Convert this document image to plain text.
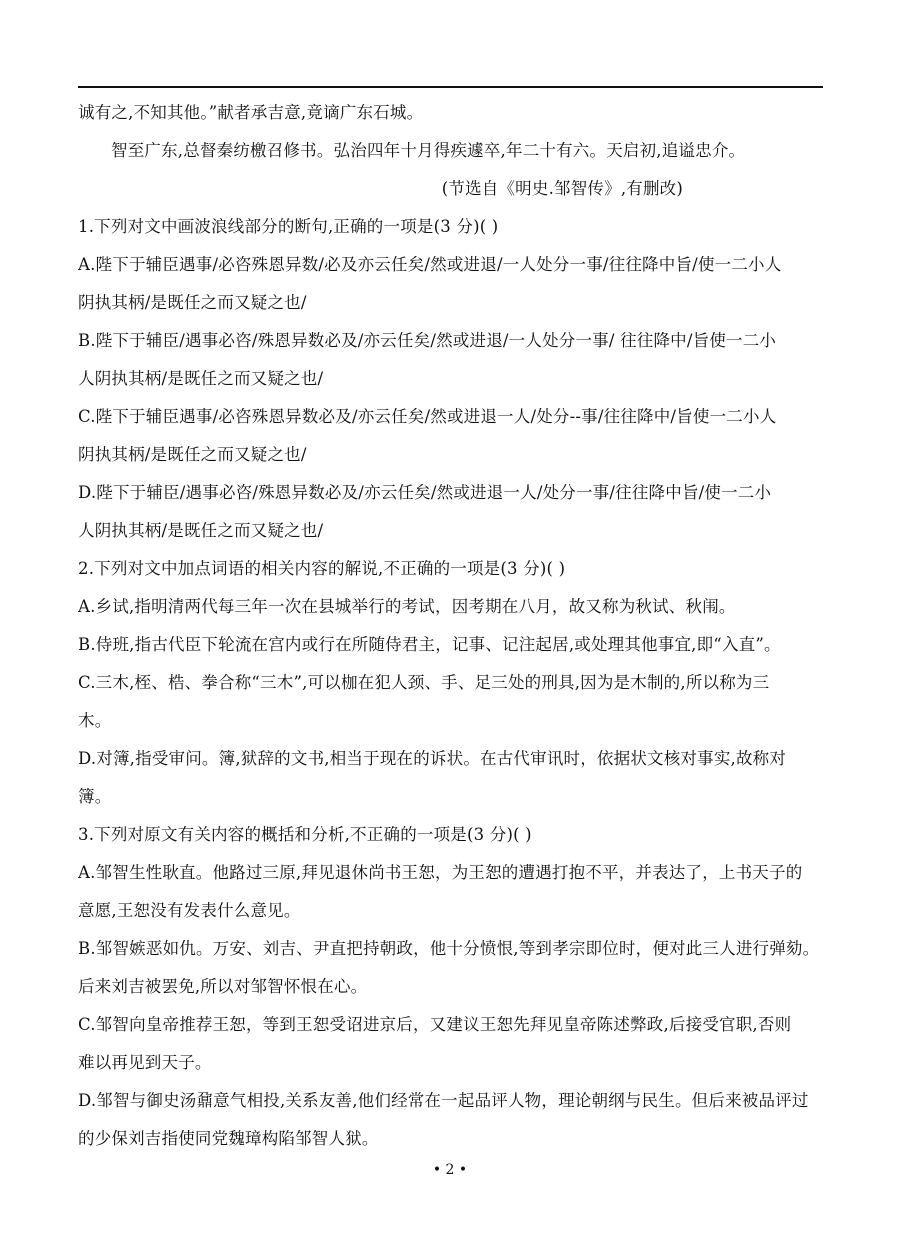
诚有之,不知其他。”献者承吉意,竟谪广东石城。
智至广东,总督秦纺檄召修书。弘治四年十月得疾遽卒,年二十有六。天启初,追谥忠介。
(节选自《明史.邹智传》,有删改)
1.下列对文中画波浪线部分的断句,正确的一项是(3 分)( )
A.陛下于辅臣遇事/必咨殊恩异数/必及亦云任矣/然或进退/一人处分一事/往往降中旨/使一二小人
阴执其柄/是既任之而又疑之也/
B.陛下于辅臣/遇事必咨/殊恩异数必及/亦云任矣/然或进退/一人处分一事/ 往往降中/旨使一二小
人阴执其柄/是既任之而又疑之也/
C.陛下于辅臣遇事/必咨殊恩异数必及/亦云任矣/然或进退一人/处分--事/往往降中/旨使一二小人
阴执其柄/是既任之而又疑之也/
D.陛下于辅臣/遇事必咨/殊恩异数必及/亦云任矣/然或进退一人/处分一事/往往降中旨/使一二小
人阴执其柄/是既任之而又疑之也/
2.下列对文中加点词语的相关内容的解说,不正确的一项是(3 分)( )
A.乡试,指明清两代每三年一次在县城举行的考试，因考期在八月，故又称为秋试、秋闱。
B.侍班,指古代臣下轮流在宫内或行在所随侍君主，记事、记注起居,或处理其他事宜,即“入直”。
C.三木,桎、梏、拳合称“三木”,可以枷在犯人颈、手、足三处的刑具,因为是木制的,所以称为三
木。
D.对簿,指受审问。簿,狱辞的文书,相当于现在的诉状。在古代审讯时，依据状文核对事实,故称对
簿。
3.下列对原文有关内容的概括和分析,不正确的一项是(3 分)( )
A.邹智生性耿直。他路过三原,拜见退休尚书王恕，为王恕的遭遇打抱不平，并表达了，上书天子的
意愿,王恕没有发表什么意见。
B.邹智嫉恶如仇。万安、刘吉、尹直把持朝政，他十分愤恨,等到孝宗即位时，便对此三人进行弹劾。
后来刘吉被罢免,所以对邹智怀恨在心。
C.邹智向皇帝推荐王恕，等到王恕受诏进京后，又建议王恕先拜见皇帝陈述弊政,后接受官职,否则
难以再见到天子。
D.邹智与御史汤鼐意气相投,关系友善,他们经常在一起品评人物，理论朝纲与民生。但后来被品评过
的少保刘吉指使同党魏璋构陷邹智人狱。
• 2 •
